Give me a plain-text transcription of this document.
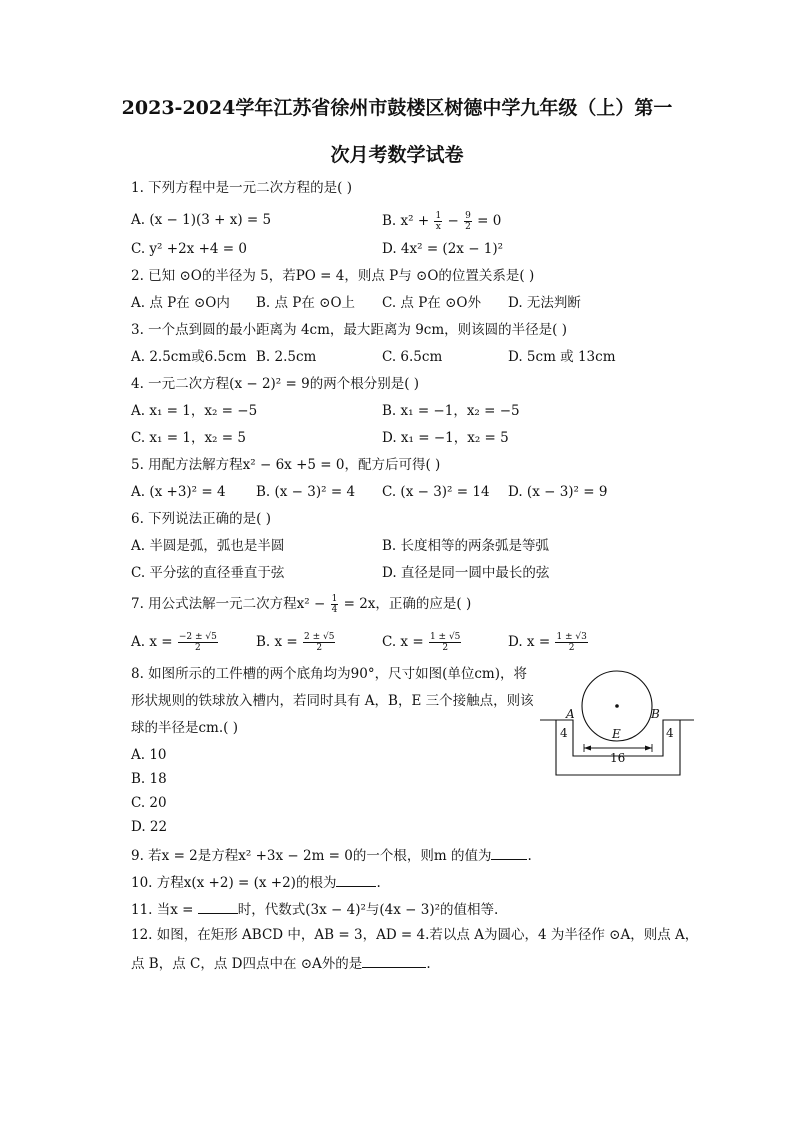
2023-2024学年江苏省徐州市鼓楼区树德中学九年级（上）第一
次月考数学试卷
1. 下列方程中是一元二次方程的是( )
A. (x − 1)(3 + x) = 5	B. $x^2 + \frac{1}{x} - \frac{9}{2} = 0$
C. y² +2x +4 = 0	D. 4x² = (2x − 1)²
2. 已知 ⊙O的半径为 5，若PO = 4，则点 P与 ⊙O的位置关系是( )
A. 点 P在 ⊙O内 B. 点 P在 ⊙O上 C. 点 P在 ⊙O外 D. 无法判断
3. 一个点到圆的最小距离为 4cm，最大距离为 9cm，则该圆的半径是( )
A. 2.5cm或6.5cm B. 2.5cm	C. 6.5cm	D. 5cm 或 13cm
4. 一元二次方程(x − 2)² = 9的两个根分别是( )
A. x₁ = 1，x₂ = −5	B. x₁ = −1，x₂ = −5
C. x₁ = 1，x₂ = 5	D. x₁ = −1，x₂ = 5
5. 用配方法解方程x² − 6x +5 = 0，配方后可得( )
A. (x +3)² = 4 B. (x − 3)² = 4 C. (x − 3)² = 14 D. (x − 3)² = 9
6. 下列说法正确的是( )
A. 半圆是弧，弧也是半圆	B. 长度相等的两条弧是等弧
C. 平分弦的直径垂直于弦	D. 直径是同一圆中最长的弦
7. 用公式法解一元二次方程$x^2 - \frac{1}{4} = 2x$，正确的应是( )
A. $x = \frac{-2 \pm √5}{2}$	B. $x = \frac{2 \pm √5}{2}$	C. $x = \frac{1 \pm √5}{2}$	D. $x = \frac{1 \pm √3}{2}$
8. 如图所示的工件槽的两个底角均为90°，尺寸如图(单位cm)，将
形状规则的铁球放入槽内，若同时具有 A，B，E 三个接触点，则该
球的半径是cm.( )
A. 10
B. 18
C. 20
D. 22
A	B
E
4	4
16
9. 若x = 2是方程x² +3x − 2m = 0的一个根，则m 的值为	.
10. 方程x(x +2) = (x +2)的根为	.
11. 当x =	时，代数式(3x − 4)²与(4x − 3)²的值相等.
12. 如图，在矩形 ABCD 中，AB = 3，AD = 4.若以点 A为圆心，4 为半径作 ⊙A，则点 A，
点 B，点 C，点 D四点中在 ⊙A外的是	.
